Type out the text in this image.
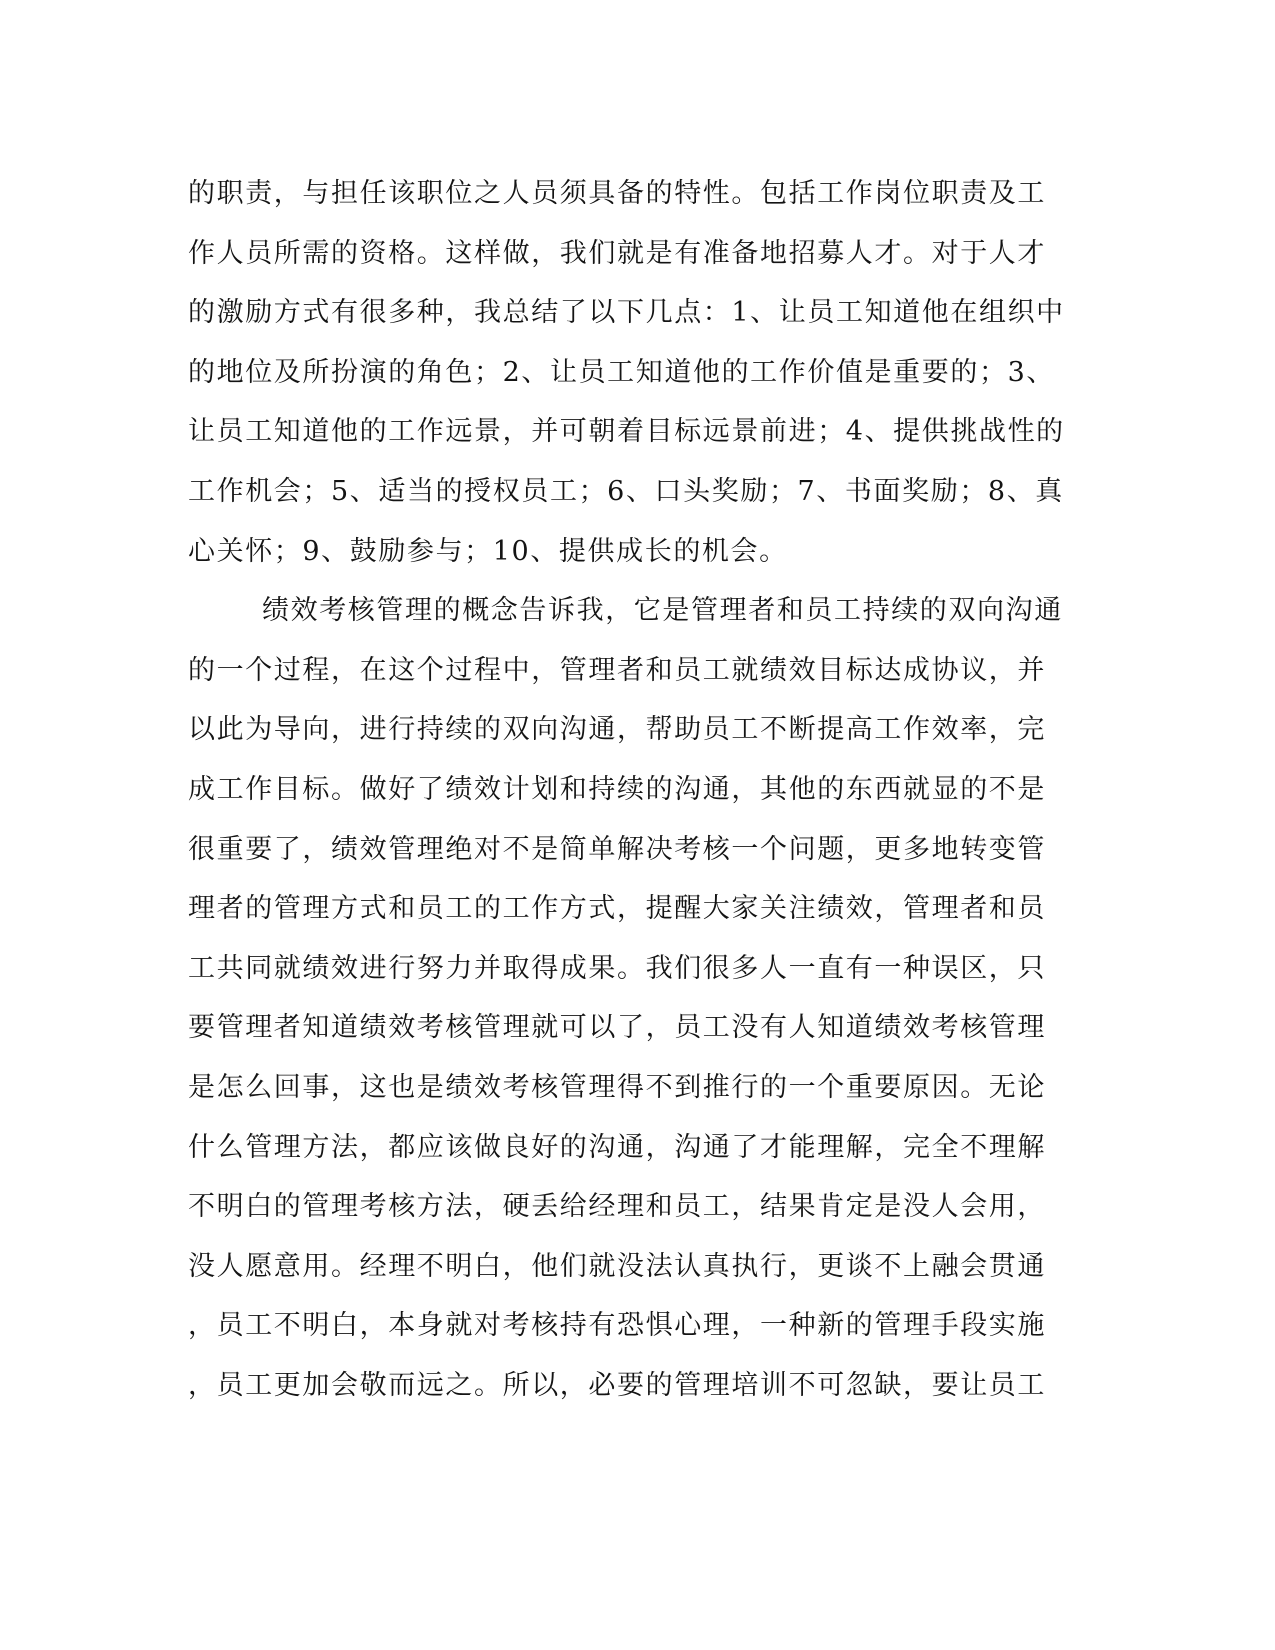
的职责，与担任该职位之人员须具备的特性。包括工作岗位职责及工
作人员所需的资格。这样做，我们就是有准备地招募人才。对于人才
的激励方式有很多种，我总结了以下几点：1、让员工知道他在组织中
的地位及所扮演的角色；2、让员工知道他的工作价值是重要的；3、
让员工知道他的工作远景，并可朝着目标远景前进；4、提供挑战性的
工作机会；5、适当的授权员工；6、口头奖励；7、书面奖励；8、真
心关怀；9、鼓励参与；10、提供成长的机会。
绩效考核管理的概念告诉我，它是管理者和员工持续的双向沟通
的一个过程，在这个过程中，管理者和员工就绩效目标达成协议，并
以此为导向，进行持续的双向沟通，帮助员工不断提高工作效率，完
成工作目标。做好了绩效计划和持续的沟通，其他的东西就显的不是
很重要了，绩效管理绝对不是简单解决考核一个问题，更多地转变管
理者的管理方式和员工的工作方式，提醒大家关注绩效，管理者和员
工共同就绩效进行努力并取得成果。我们很多人一直有一种误区，只
要管理者知道绩效考核管理就可以了，员工没有人知道绩效考核管理
是怎么回事，这也是绩效考核管理得不到推行的一个重要原因。无论
什么管理方法，都应该做良好的沟通，沟通了才能理解，完全不理解
不明白的管理考核方法，硬丢给经理和员工，结果肯定是没人会用，
没人愿意用。经理不明白，他们就没法认真执行，更谈不上融会贯通
，员工不明白，本身就对考核持有恐惧心理，一种新的管理手段实施
，员工更加会敬而远之。所以，必要的管理培训不可忽缺，要让员工
